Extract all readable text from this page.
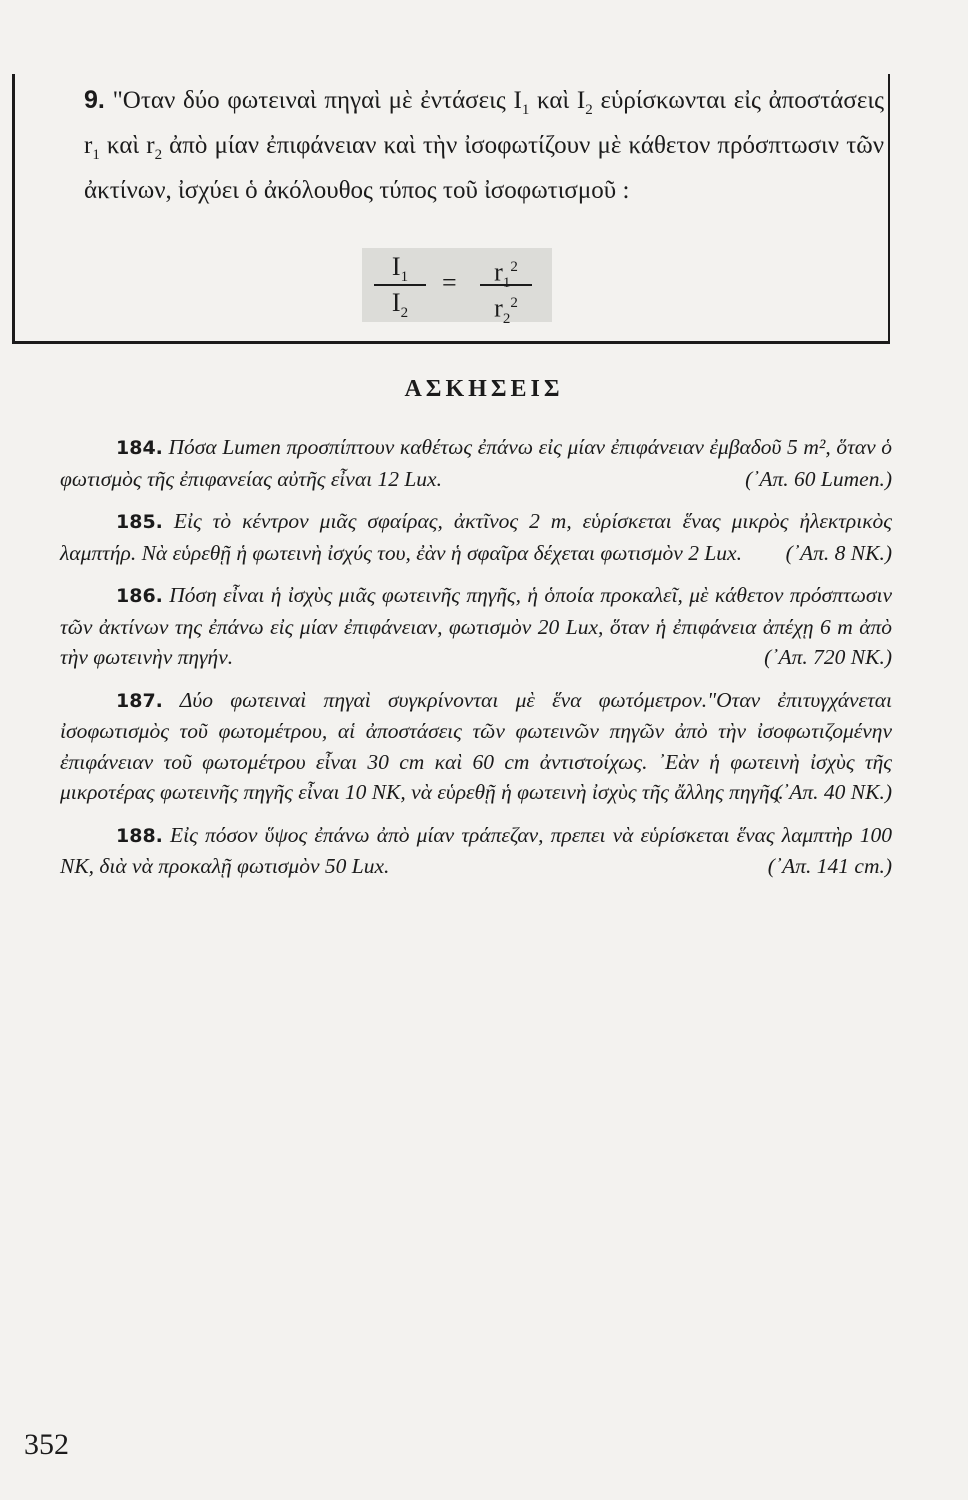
9. "Οταν δύο φωτειναὶ πηγαὶ μὲ ἐντάσεις $I_1$ καὶ $I_2$ εὑρίσκωνται εἰς ἀποστάσεις $r_1$ καὶ $r_2$ ἀπὸ μίαν ἐπιφάνειαν καὶ τὴν ἰσοφωτίζουν μὲ κάθετον πρόσπτωσιν τῶν ἀκτίνων, ἰσχύει ὁ ἀκόλουθος τύπος τοῦ ἰσοφωτισμοῦ :

$I_1$
$I_2$
=	$r_1^2$
$r_2^2$
ΑΣΚΗΣΕΙΣ

184. Πόσα Lumen προσπίπτουν καθέτως ἐπάνω εἰς μίαν ἐπιφάνειαν ἐμβαδοῦ 5 m², ὅταν ὁ φωτισμὸς τῆς ἐπιφανείας αὐτῆς εἶναι 12 Lux.	(᾿Απ. 60 Lumen.)

185. Εἰς τὸ κέντρον μιᾶς σφαίρας, ἀκτῖνος 2 m, εὑρίσκεται ἕνας μικρὸς ἠλεκτρικὸς λαμπτήρ. Νὰ εὑρεθῇ ἡ φωτεινὴ ἰσχύς του, ἐὰν ἡ σφαῖρα δέχεται φωτισμὸν 2 Lux.	(᾿Απ. 8 NK.)

186. Πόση εἶναι ἡ ἰσχὺς μιᾶς φωτεινῆς πηγῆς, ἡ ὁποία προκαλεῖ, μὲ κάθετον πρόσπτωσιν τῶν ἀκτίνων της ἐπάνω εἰς μίαν ἐπιφάνειαν, φωτισμὸν 20 Lux, ὅταν ἡ ἐπιφάνεια ἀπέχῃ 6 m ἀπὸ τὴν φωτεινὴν πηγήν.	(᾿Απ. 720 NK.)

187. Δύο φωτειναὶ πηγαὶ συγκρίνονται μὲ ἕνα φωτόμετρον."Οταν ἐπιτυγχάνεται ἰσοφωτισμὸς τοῦ φωτομέτρου, αἱ ἀποστάσεις τῶν φωτεινῶν πηγῶν ἀπὸ τὴν ἰσοφωτιζομένην ἐπιφάνειαν τοῦ φωτομέτρου εἶναι 30 cm καὶ 60 cm ἀντιστοίχως. ᾿Εὰν ἡ φωτεινὴ ἰσχὺς τῆς μικροτέρας φωτεινῆς πηγῆς εἶναι 10 NK, νὰ εὑρεθῇ ἡ φωτεινὴ ἰσχὺς τῆς ἄλλης πηγῆς.
(᾿Απ. 40 NK.)

188. Εἰς πόσον ὕψος ἐπάνω ἀπὸ μίαν τράπεζαν, πρεπει νὰ εὑρίσκεται ἕνας λαμπτὴρ 100 NK, διὰ νὰ προκαλῇ φωτισμὸν 50 Lux.	(᾿Απ. 141 cm.)

352
